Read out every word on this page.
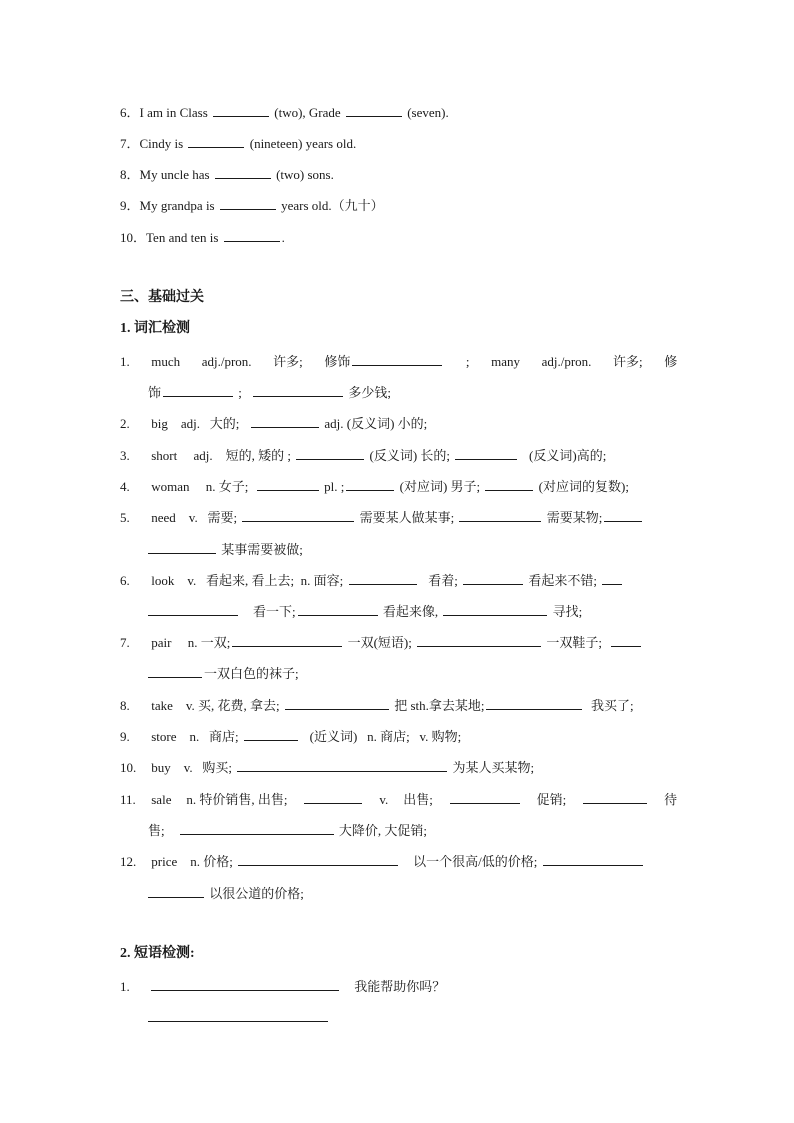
6．I am in Class	(two), Grade	(seven).
7．Cindy is	(nineteen) years old.
8．My uncle has	(two) sons.
9．My grandpa is	years old.（九十）
10．Ten and ten is	.
三、基础过关
1. 词汇检测
1. much adj./pron. 许多; 修饰	; many adj./pron. 许多; 修
饰	;	多少钱;
2. big adj. 大的;	adj. (反义词) 小的;
3. short adj. 短的, 矮的 ;	(反义词) 长的;	(反义词)高的;
4. woman n. 女子;	pl. ;	(对应词) 男子;	(对应词的复数);
5. need v. 需要;	需要某人做某事;	需要某物;
某事需要被做;
6. look v. 看起来, 看上去; n. 面容;	看着;	看起来不错;
看一下;	看起来像,	寻找;
7. pair n. 一双;	一双(短语);	一双鞋子;
一双白色的袜子;
8. take v. 买, 花费, 拿去;	把 sth.拿去某地;	我买了;
9. store n. 商店;	(近义词) n. 商店; v. 购物;
10. buy v. 购买;	为某人买某物;
11. sale n. 特价销售, 出售;	v. 出售;	促销;	待
售;	大降价, 大促销;
12. price n. 价格;	以一个很高/低的价格;
以很公道的价格;
2. 短语检测:
1.	我能帮助你吗？
